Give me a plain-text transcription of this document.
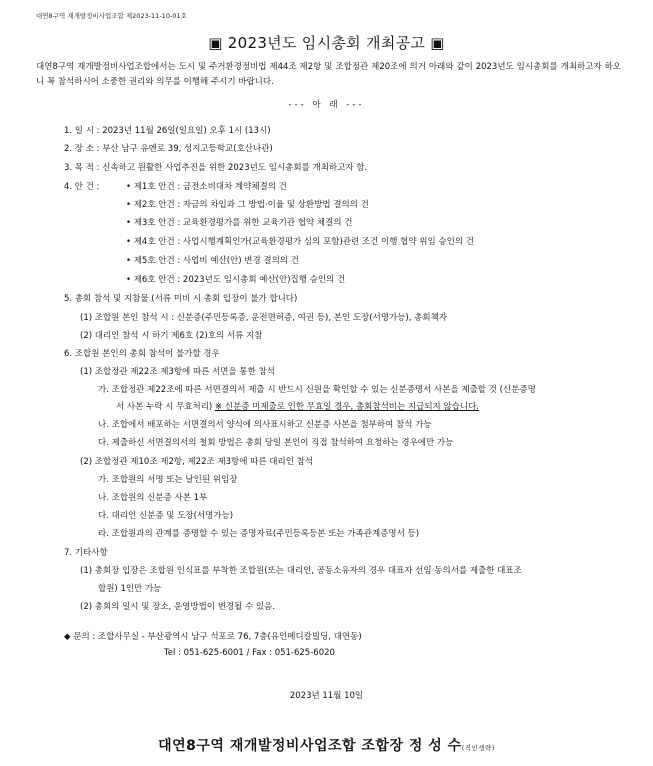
대연8구역 재개발정비사업조합 제2023-11-10-01호
▣ 2023년도 임시총회 개최공고 ▣
대연8구역 재개발정비사업조합에서는 도시 및 주거환경정비법 제44조 제2항 및 조합정관 제20조에 의거 아래와 같이 2023년도 임시총회를 개최하고자 하오니 꼭 참석하시어 소중한 권리와 의무를 이행해 주시기 바랍니다.
--- 아 래 ---
1. 일 시 : 2023년 11월 26일(일요일) 오후 1시 (13시)
2. 장 소 : 부산 남구 유엔로 39, 성지고등학교(호산나관)
3. 목 적 : 신속하고 원활한 사업추진을 위한 2023년도 임시총회를 개최하고자 함.
4. 안 건 :	• 제1호 안건 : 금전소비대차 계약체결의 건
• 제2호 안건 : 자금의 차입과 그 방법·이율 및 상환방법 결의의 건
• 제3호 안건 : 교육환경평가를 위한 교육기관 협약 체결의 건
• 제4호 안건 : 사업시행계획인가(교육환경평가 심의 포함)관련 조건 이행 협약 위임 승인의 건
• 제5호 안건 : 사업비 예산(안) 변경 결의의 건
• 제6호 안건 : 2023년도 임시총회 예산(안)집행 승인의 건
5. 총회 참석 및 지참물 (서류 미비 시 총회 입장이 불가 합니다)
(1) 조합원 본인 참석 시 : 신분증(주민등록증, 운전면허증, 여권 등), 본인 도장(서명가능), 총회책자
(2) 대리인 참석 시 하기 제6호 (2)호의 서류 지참
6. 조합원 본인의 총회 참석이 불가할 경우
(1) 조합정관 제22조 제3항에 따른 서면을 통한 참석
가. 조합정관 제22조에 따른 서면결의서 제출 시 반드시 신원을 확인할 수 있는 신분증명서 사본을 제출할 것 (신분증명
서 사본 누락 시 무효처리) ※ 신분증 미제출로 인한 무효일 경우, 총회참석비는 지급되지 않습니다.
나. 조합에서 배포하는 서면결의서 양식에 의사표시하고 신분증 사본을 첨부하여 참석 가능
다. 제출하신 서면결의서의 철회 방법은 총회 당일 본인이 직접 참석하여 요청하는 경우에만 가능
(2) 조합정관 제10조 제2항, 제22조 제3항에 따른 대리인 참석
가. 조합원의 서명 또는 날인된 위임장
나. 조합원의 신분증 사본 1부
다. 대리인 신분증 및 도장(서명가능)
라. 조합원과의 관계를 증명할 수 있는 증명자료(주민등록등본 또는 가족관계증명서 등)
7. 기타사항
(1) 총회장 입장은 조합원 인식표를 부착한 조합원(또는 대리인, 공동소유자의 경우 대표자 선임 동의서를 제출한 대표조
합원) 1인만 가능
(2) 총회의 일시 및 장소, 운영방법이 변경될 수 있음.
◆ 문의 : 조합사무실 - 부산광역시 남구 석포로 76, 7층(유인메디칼빌딩, 대연동)
Tel : 051-625-6001 / Fax : 051-625-6020
2023년 11월 10일
대연8구역 재개발정비사업조합 조합장 정 성 수(직인생략)
